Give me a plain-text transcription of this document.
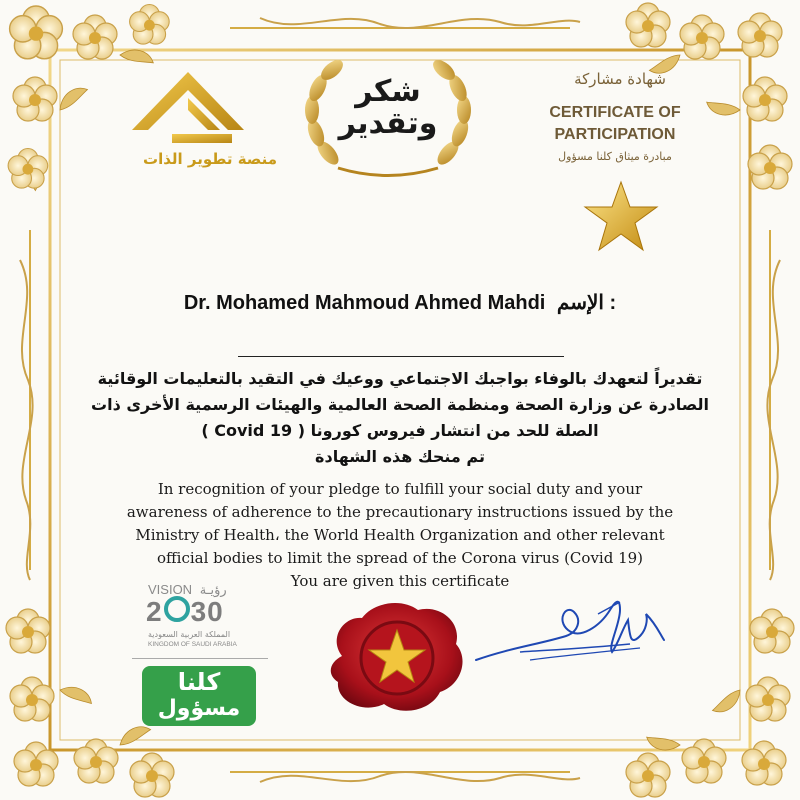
منصة تطوير الذات
شكر
وتقدير
شهادة مشاركة
CERTIFICATE OF
PARTICIPATION
مبادرة ميثاق كلنا مسؤول
Dr. Mohamed Mahmoud Ahmed Mahdi الإسم :
تقديراً لتعهدك بالوفاء بواجبك الاجتماعي ووعيك في التقيد بالتعليمات الوقائية
الصادرة عن وزارة الصحة ومنظمة الصحة العالمية والهيئات الرسمية الأخرى ذات
الصلة للحد من انتشار فيروس كورونا ( Covid 19 )
تم منحك هذه الشهادة
In recognition of your pledge to fulfill your social duty and your
awareness of adherence to the precautionary instructions issued by the
Ministry of Health، the World Health Organization and other relevant
official bodies to limit the spread of the Corona virus (Covid 19)
You are given this certificate
VISION رؤيـة
2 30
المملكة العربية السعودية
KINGDOM OF SAUDI ARABIA
كلنا
مسؤول
